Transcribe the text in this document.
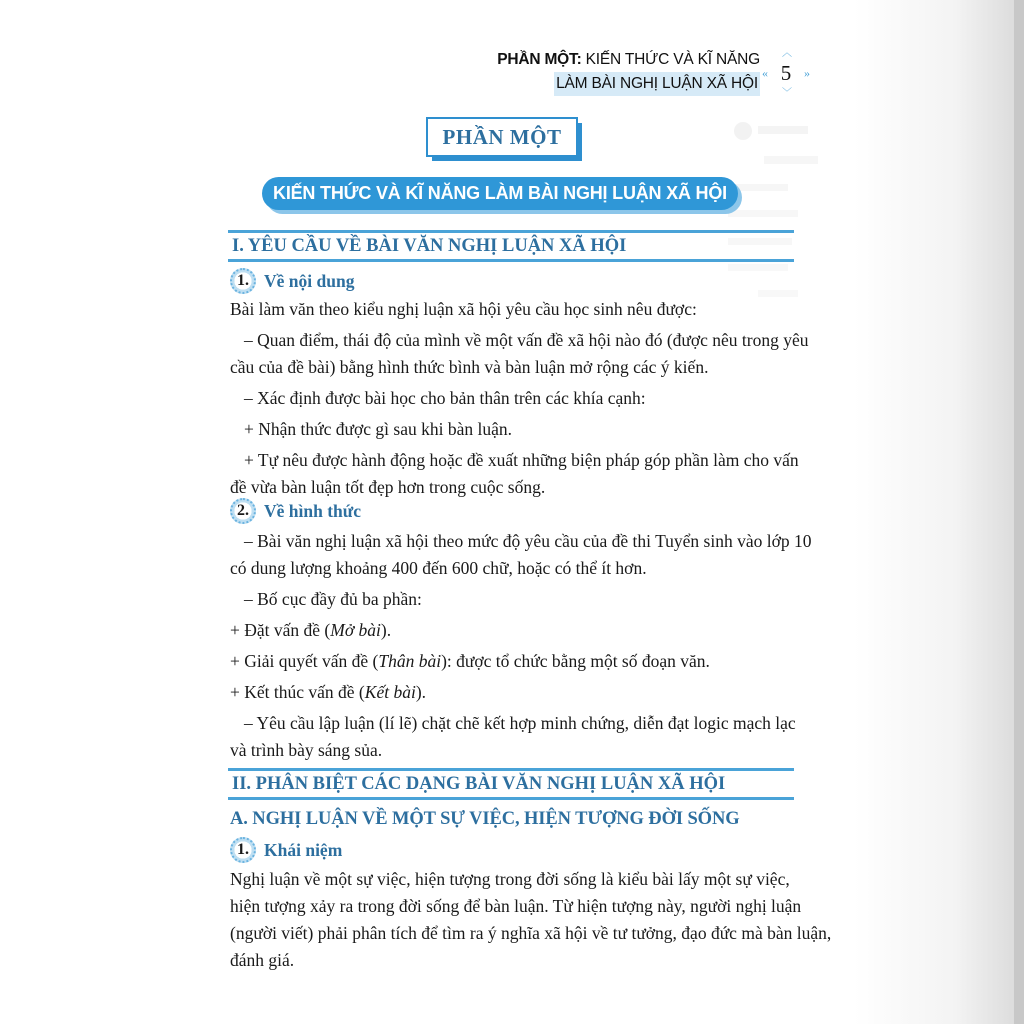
PHẦN MỘT: KIẾN THỨC VÀ KĨ NĂNG
LÀM BÀI NGHỊ LUẬN XÃ HỘI
︿
« 5 »
﹀
PHẦN MỘT
KIẾN THỨC VÀ KĨ NĂNG LÀM BÀI NGHỊ LUẬN XÃ HỘI
I. YÊU CẦU VỀ BÀI VĂN NGHỊ LUẬN XÃ HỘI
1. Về nội dung
Bài làm văn theo kiểu nghị luận xã hội yêu cầu học sinh nêu được:
– Quan điểm, thái độ của mình về một vấn đề xã hội nào đó (được nêu trong yêu
cầu của đề bài) bằng hình thức bình và bàn luận mở rộng các ý kiến.
– Xác định được bài học cho bản thân trên các khía cạnh:
+ Nhận thức được gì sau khi bàn luận.
+ Tự nêu được hành động hoặc đề xuất những biện pháp góp phần làm cho vấn
đề vừa bàn luận tốt đẹp hơn trong cuộc sống.
2. Về hình thức
– Bài văn nghị luận xã hội theo mức độ yêu cầu của đề thi Tuyển sinh vào lớp 10
có dung lượng khoảng 400 đến 600 chữ, hoặc có thể ít hơn.
– Bố cục đầy đủ ba phần:
+ Đặt vấn đề (Mở bài).
+ Giải quyết vấn đề (Thân bài): được tổ chức bằng một số đoạn văn.
+ Kết thúc vấn đề (Kết bài).
– Yêu cầu lập luận (lí lẽ) chặt chẽ kết hợp minh chứng, diễn đạt logic mạch lạc
và trình bày sáng sủa.
II. PHÂN BIỆT CÁC DẠNG BÀI VĂN NGHỊ LUẬN XÃ HỘI
A. NGHỊ LUẬN VỀ MỘT SỰ VIỆC, HIỆN TƯỢNG ĐỜI SỐNG
1. Khái niệm
Nghị luận về một sự việc, hiện tượng trong đời sống là kiểu bài lấy một sự việc,
hiện tượng xảy ra trong đời sống để bàn luận. Từ hiện tượng này, người nghị luận
(người viết) phải phân tích để tìm ra ý nghĩa xã hội về tư tưởng, đạo đức mà bàn luận,
đánh giá.
